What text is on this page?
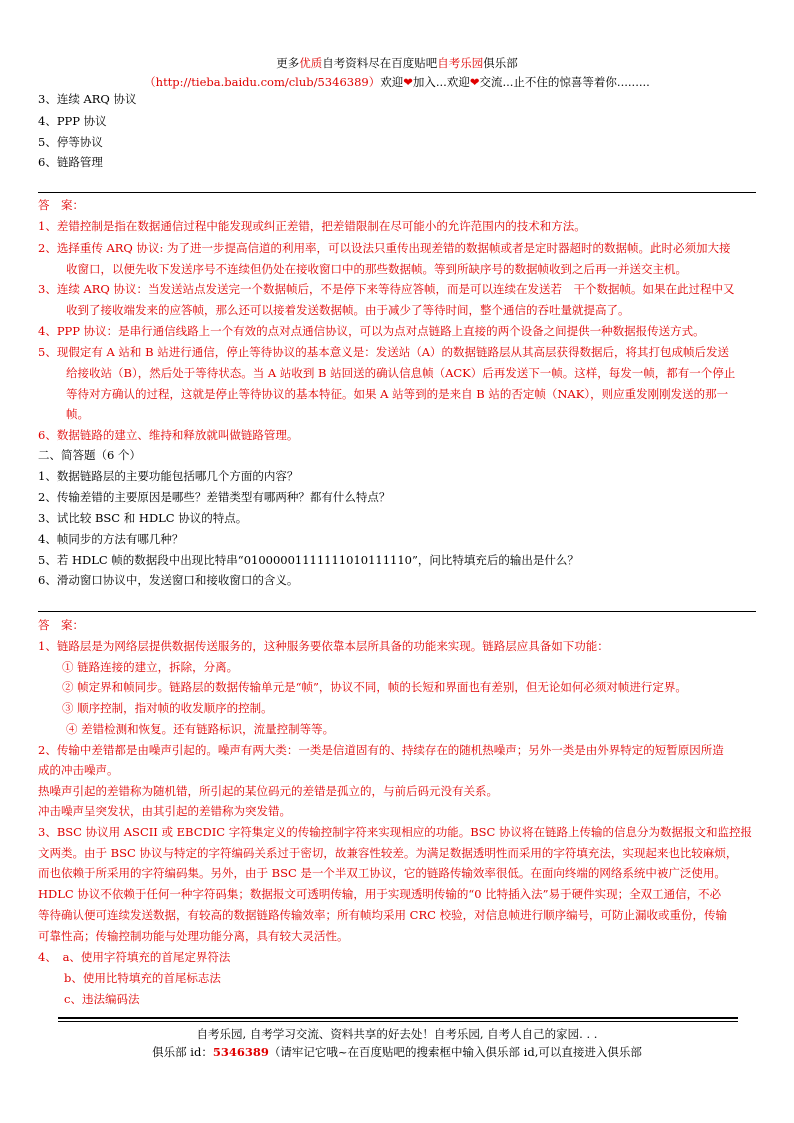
更多优质自考资料尽在百度贴吧自考乐园俱乐部
（http://tieba.baidu.com/club/5346389）欢迎❤加入...欢迎❤交流...止不住的惊喜等着你.........
3、连续 ARQ 协议
4、PPP 协议
5、停等协议
6、链路管理
答　案：
1、差错控制是指在数据通信过程中能发现或纠正差错，把差错限制在尽可能小的允许范围内的技术和方法。
2、选择重传 ARQ 协议: 为了进一步提高信道的利用率，可以设法只重传出现差错的数据帧或者是定时器超时的数据帧。此时必须加大接
收窗口，以便先收下发送序号不连续但仍处在接收窗口中的那些数据帧。等到所缺序号的数据帧收到之后再一并送交主机。
3、连续 ARQ 协议：当发送站点发送完一个数据帧后，不是停下来等待应答帧，而是可以连续在发送若　干个数据帧。如果在此过程中又
收到了接收端发来的应答帧，那么还可以接着发送数据帧。由于减少了等待时间，整个通信的吞吐量就提高了。
4、PPP 协议：是串行通信线路上一个有效的点对点通信协议，可以为点对点链路上直接的两个设备之间提供一种数据报传送方式。
5、现假定有 A 站和 B 站进行通信，停止等待协议的基本意义是：发送站（A）的数据链路层从其高层获得数据后，将其打包成帧后发送
给接收站（B），然后处于等待状态。当 A 站收到 B 站回送的确认信息帧（ACK）后再发送下一帧。这样，每发一帧，都有一个停止
等待对方确认的过程，这就是停止等待协议的基本特征。如果 A 站等到的是来自 B 站的否定帧（NAK），则应重发刚刚发送的那一
帧。
6、数据链路的建立、维持和释放就叫做链路管理。
二、简答题（6 个）
1、数据链路层的主要功能包括哪几个方面的内容？
2、传输差错的主要原因是哪些？差错类型有哪两种？都有什么特点？
3、试比较 BSC 和 HDLC 协议的特点。
4、帧同步的方法有哪几种？
5、若 HDLC 帧的数据段中出现比特串“01000001111111010111110”，问比特填充后的输出是什么？
6、滑动窗口协议中，发送窗口和接收窗口的含义。
答　案：
1、链路层是为网络层提供数据传送服务的，这种服务要依靠本层所具备的功能来实现。链路层应具备如下功能：
① 链路连接的建立，拆除，分离。
② 帧定界和帧同步。链路层的数据传输单元是“帧”，协议不同，帧的长短和界面也有差别，但无论如何必须对帧进行定界。
③ 顺序控制，指对帧的收发顺序的控制。
④ 差错检测和恢复。还有链路标识，流量控制等等。
2、传输中差错都是由噪声引起的。噪声有两大类：一类是信道固有的、持续存在的随机热噪声；另外一类是由外界特定的短暂原因所造
成的冲击噪声。
热噪声引起的差错称为随机错，所引起的某位码元的差错是孤立的，与前后码元没有关系。
冲击噪声呈突发状，由其引起的差错称为突发错。
3、BSC 协议用 ASCII 或 EBCDIC 字符集定义的传输控制字符来实现相应的功能。BSC 协议将在链路上传输的信息分为数据报文和监控报
文两类。由于 BSC 协议与特定的字符编码关系过于密切，故兼容性较差。为满足数据透明性而采用的字符填充法，实现起来也比较麻烦，
而也依赖于所采用的字符编码集。另外，由于 BSC 是一个半双工协议，它的链路传输效率很低。在面向终端的网络系统中被广泛使用。
HDLC 协议不依赖于任何一种字符码集；数据报文可透明传输，用于实现透明传输的“0 比特插入法”易于硬件实现；全双工通信，不必
等待确认便可连续发送数据，有较高的数据链路传输效率；所有帧均采用 CRC 校验，对信息帧进行顺序编号，可防止漏收或重份，传输
可靠性高；传输控制功能与处理功能分离，具有较大灵活性。
4、　a、使用字符填充的首尾定界符法
b、使用比特填充的首尾标志法
c、违法编码法
自考乐园, 自考学习交流、资料共享的好去处！自考乐园, 自考人自己的家园. . .
俱乐部 id：5346389（请牢记它哦~在百度贴吧的搜索框中输入俱乐部 id,可以直接进入俱乐部
